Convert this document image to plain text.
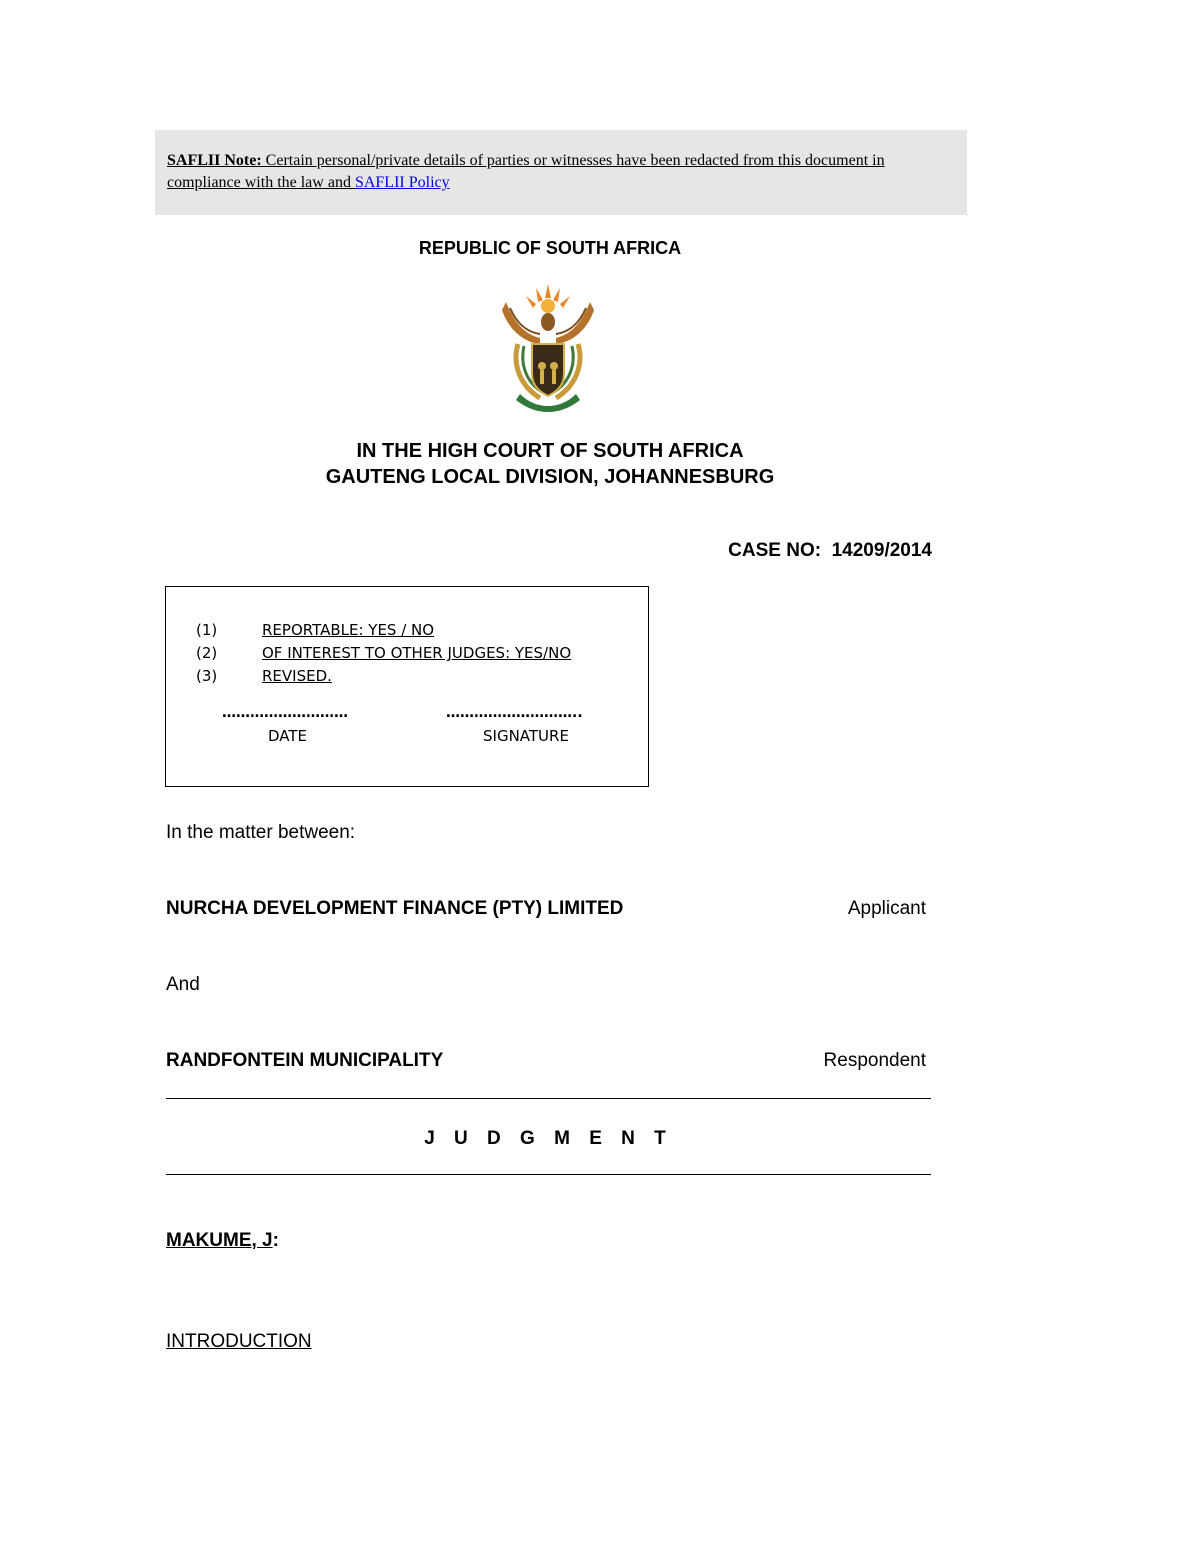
SAFLII Note: Certain personal/private details of parties or witnesses have been redacted from this document in compliance with the law and SAFLII Policy
REPUBLIC OF SOUTH AFRICA
IN THE HIGH COURT OF SOUTH AFRICA
GAUTENG LOCAL DIVISION, JOHANNESBURG
CASE NO:  14209/2014
(1)	REPORTABLE: YES / NO
(2)	OF INTEREST TO OTHER JUDGES: YES/NO
(3)	REVISED.
………………………	………………………..
DATE	SIGNATURE
In the matter between:
NURCHA DEVELOPMENT FINANCE (PTY) LIMITED	Applicant
And
RANDFONTEIN MUNICIPALITY	Respondent
J U D G M E N T
MAKUME, J:
INTRODUCTION
